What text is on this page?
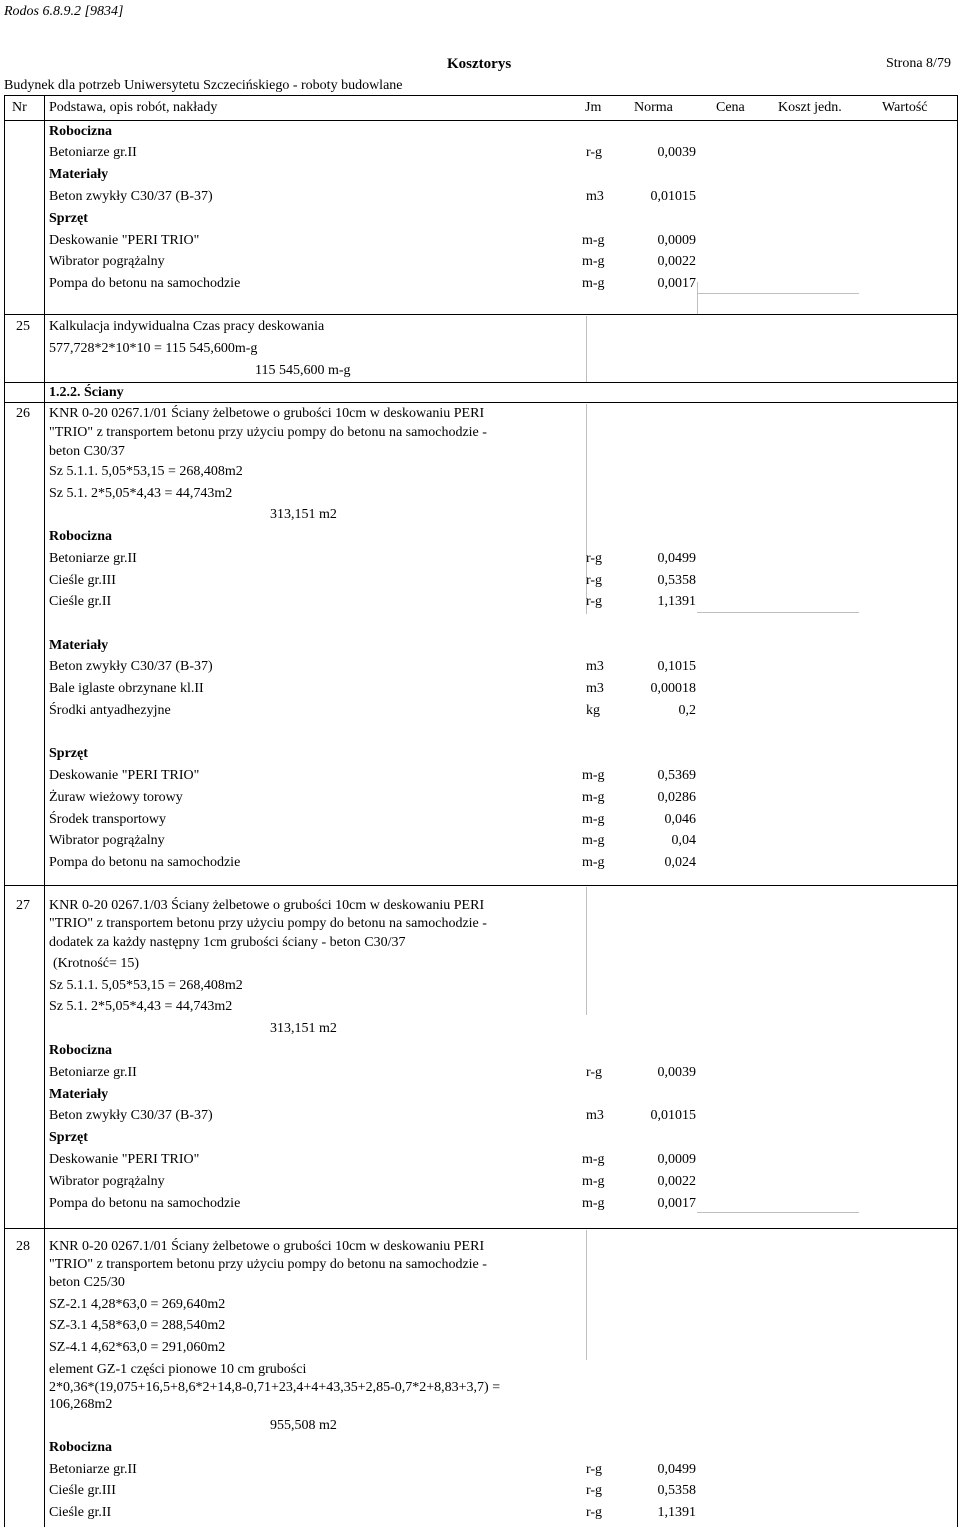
Rodos 6.8.9.2 [9834]
Kosztorys	Strona 8/79
Budynek dla potrzeb Uniwersytetu Szczecińskiego - roboty budowlane
Nr Podstawa, opis robót, nakłady	Jm Norma	Cena Koszt jedn.	Wartość
Robocizna
Betoniarze gr.II	r-g	0,0039
Materiały
Beton zwykły C30/37 (B-37)	m3	0,01015
Sprzęt
Deskowanie "PERI TRIO"	m-g	0,0009
Wibrator pogrążalny	m-g	0,0022
Pompa do betonu na samochodzie	m-g	0,0017
25 Kalkulacja indywidualna Czas pracy deskowania
577,728*2*10*10 = 115 545,600m-g
115 545,600 m-g
1.2.2. Ściany
26 KNR 0-20 0267.1/01 Ściany żelbetowe o grubości 10cm w deskowaniu PERI
"TRIO" z transportem betonu przy użyciu pompy do betonu na samochodzie -
beton C30/37
Sz 5.1.1. 5,05*53,15 = 268,408m2
Sz 5.1. 2*5,05*4,43 = 44,743m2
313,151 m2
Robocizna
Betoniarze gr.II	r-g	0,0499
Cieśle gr.III	r-g	0,5358
Cieśle gr.II	r-g	1,1391
Materiały
Beton zwykły C30/37 (B-37)	m3	0,1015
Bale iglaste obrzynane kl.II	m3	0,00018
Środki antyadhezyjne	kg	0,2
Sprzęt
Deskowanie "PERI TRIO"	m-g	0,5369
Żuraw wieżowy torowy	m-g	0,0286
Środek transportowy	m-g	0,046
Wibrator pogrążalny	m-g	0,04
Pompa do betonu na samochodzie	m-g	0,024
27 KNR 0-20 0267.1/03 Ściany żelbetowe o grubości 10cm w deskowaniu PERI
"TRIO" z transportem betonu przy użyciu pompy do betonu na samochodzie -
dodatek za każdy następny 1cm grubości ściany - beton C30/37
(Krotność= 15)
Sz 5.1.1. 5,05*53,15 = 268,408m2
Sz 5.1. 2*5,05*4,43 = 44,743m2
313,151 m2
Robocizna
Betoniarze gr.II	r-g	0,0039
Materiały
Beton zwykły C30/37 (B-37)	m3	0,01015
Sprzęt
Deskowanie "PERI TRIO"	m-g	0,0009
Wibrator pogrążalny	m-g	0,0022
Pompa do betonu na samochodzie	m-g	0,0017
28 KNR 0-20 0267.1/01 Ściany żelbetowe o grubości 10cm w deskowaniu PERI
"TRIO" z transportem betonu przy użyciu pompy do betonu na samochodzie -
beton C25/30
SZ-2.1 4,28*63,0 = 269,640m2
SZ-3.1 4,58*63,0 = 288,540m2
SZ-4.1 4,62*63,0 = 291,060m2
element GZ-1 części pionowe 10 cm grubości
2*0,36*(19,075+16,5+8,6*2+14,8-0,71+23,4+4+43,35+2,85-0,7*2+8,83+3,7) =
106,268m2
955,508 m2
Robocizna
Betoniarze gr.II	r-g	0,0499
Cieśle gr.III	r-g	0,5358
Cieśle gr.II	r-g	1,1391
